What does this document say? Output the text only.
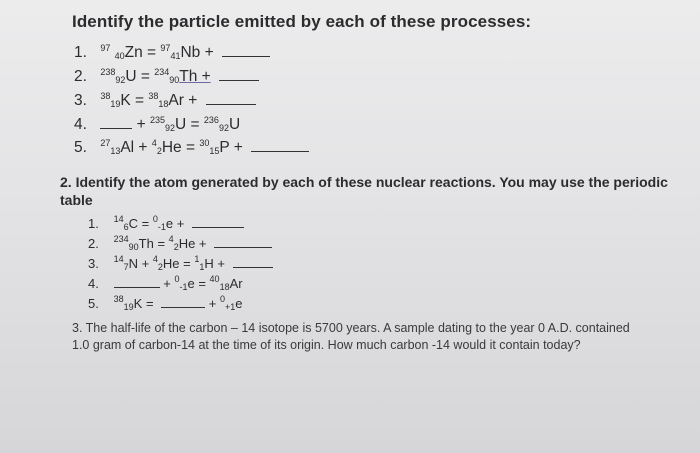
Identify the particle emitted by each of these processes:
1. $^{97}$ $_{40}$Zn = $^{97}_{41}$Nb +
2. $^{238}_{92}$U = $^{234}_{90}$Th +
3. $^{38}_{19}$K = $^{38}_{18}$Ar +
4.	+ $^{235}_{92}$U = $^{236}_{92}$U
5. $^{27}_{13}$Al + $^4_2$He = $^{30}_{15}$P +
2. Identify the atom generated by each of these nuclear reactions. You may use the periodic table
1. $^{14}_6$C = $^0_{-1}$e +
2. $^{234}_{90}$Th = $^4_2$He +
3. $^{14}_7$N + $^4_2$He = $^1_1$H +
4.	+ $^0_{-1}$e = $^{40}_{18}$Ar
5. $^{38}_{19}$K =	+ $^0_{+1}$e
3. The half-life of the carbon – 14 isotope is 5700 years. A sample dating to the year 0 A.D. contained 1.0 gram of carbon-14 at the time of its origin. How much carbon -14 would it contain today?
